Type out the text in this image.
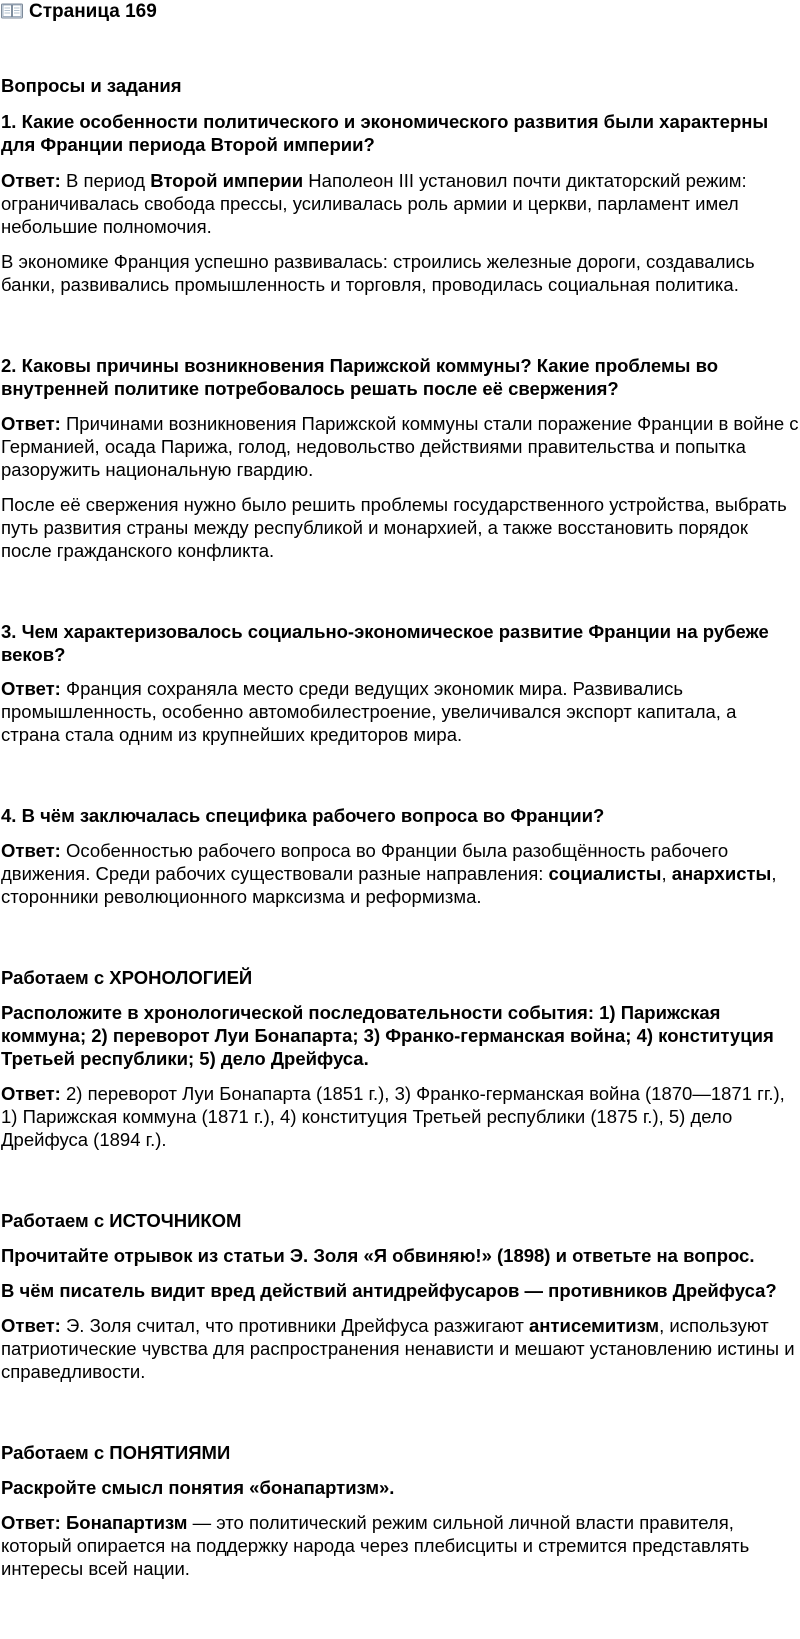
Страница 169
Вопросы и задания

1. Какие особенности политического и экономического развития были характерны для Франции периода Второй империи?

Ответ: В период Второй империи Наполеон III установил почти диктаторский режим: ограничивалась свобода прессы, усиливалась роль армии и церкви, парламент имел небольшие полномочия.

В экономике Франция успешно развивалась: строились железные дороги, создавались банки, развивались промышленность и торговля, проводилась социальная политика.

2. Каковы причины возникновения Парижской коммуны? Какие проблемы во внутренней политике потребовалось решать после её свержения?

Ответ: Причинами возникновения Парижской коммуны стали поражение Франции в войне с Германией, осада Парижа, голод, недовольство действиями правительства и попытка разоружить национальную гвардию.

После её свержения нужно было решить проблемы государственного устройства, выбрать путь развития страны между республикой и монархией, а также восстановить порядок после гражданского конфликта.

3. Чем характеризовалось социально-экономическое развитие Франции на рубеже веков?

Ответ: Франция сохраняла место среди ведущих экономик мира. Развивались промышленность, особенно автомобилестроение, увеличивался экспорт капитала, а страна стала одним из крупнейших кредиторов мира.

4. В чём заключалась специфика рабочего вопроса во Франции?

Ответ: Особенностью рабочего вопроса во Франции была разобщённость рабочего движения. Среди рабочих существовали разные направления: социалисты, анархисты, сторонники революционного марксизма и реформизма.

Работаем с ХРОНОЛОГИЕЙ

Расположите в хронологической последовательности события: 1) Парижская коммуна; 2) переворот Луи Бонапарта; 3) Франко-германская война; 4) конституция Третьей республики; 5) дело Дрейфуса.

Ответ: 2) переворот Луи Бонапарта (1851 г.), 3) Франко-германская война (1870—1871 гг.), 1) Парижская коммуна (1871 г.), 4) конституция Третьей республики (1875 г.), 5) дело Дрейфуса (1894 г.).

Работаем с ИСТОЧНИКОМ

Прочитайте отрывок из статьи Э. Золя «Я обвиняю!» (1898) и ответьте на вопрос.

В чём писатель видит вред действий антидрейфусаров — противников Дрейфуса?

Ответ: Э. Золя считал, что противники Дрейфуса разжигают антисемитизм, используют патриотические чувства для распространения ненависти и мешают установлению истины и справедливости.

Работаем с ПОНЯТИЯМИ

Раскройте смысл понятия «бонапартизм».

Ответ: Бонапартизм — это политический режим сильной личной власти правителя, который опирается на поддержку народа через плебисциты и стремится представлять интересы всей нации.
